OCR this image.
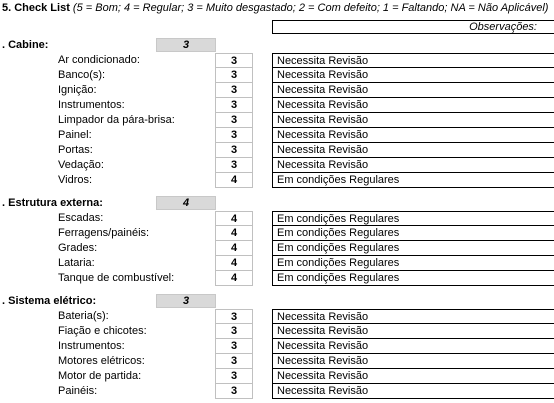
5. Check List (5 = Bom; 4 = Regular; 3 = Muito desgastado; 2 = Com defeito; 1 = Faltando; NA = Não Aplicável)
Observações:
. Cabine:	3
Ar condicionado:	3	Necessita Revisão
Banco(s):	3	Necessita Revisão
Ignição:	3	Necessita Revisão
Instrumentos:	3	Necessita Revisão
Limpador da pára-brisa:	3	Necessita Revisão
Painel:	3	Necessita Revisão
Portas:	3	Necessita Revisão
Vedação:	3	Necessita Revisão
Vidros:	4	Em condições Regulares
. Estrutura externa:	4
Escadas:	4	Em condições Regulares
Ferragens/painéis:	4	Em condições Regulares
Grades:	4	Em condições Regulares
Lataria:	4	Em condições Regulares
Tanque de combustível:	4	Em condições Regulares
. Sistema elétrico:	3
Bateria(s):	3	Necessita Revisão
Fiação e chicotes:	3	Necessita Revisão
Instrumentos:	3	Necessita Revisão
Motores elétricos:	3	Necessita Revisão
Motor de partida:	3	Necessita Revisão
Painéis:	3	Necessita Revisão
